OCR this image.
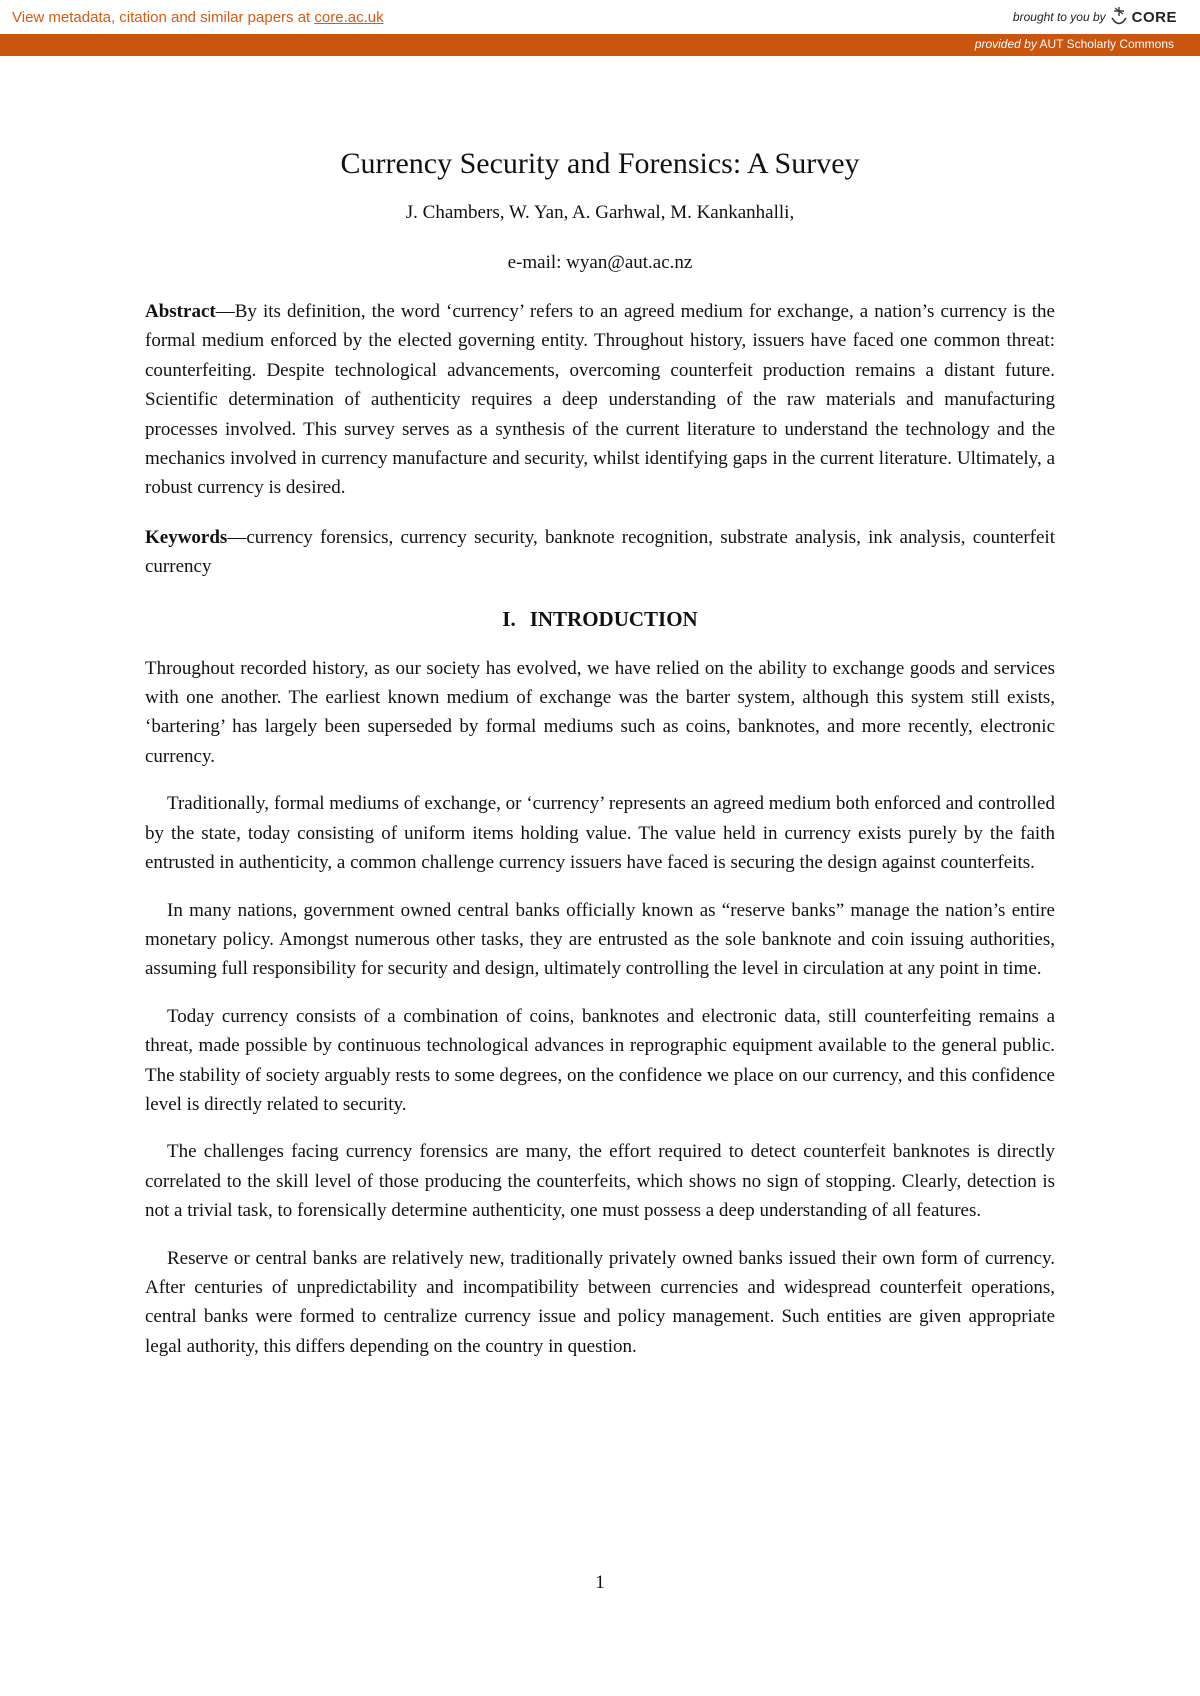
View metadata, citation and similar papers at core.ac.uk	brought to you by CORE
provided by AUT Scholarly Commons
Currency Security and Forensics: A Survey

J. Chambers, W. Yan, A. Garhwal, M. Kankanhalli,

e-mail: wyan@aut.ac.nz

Abstract—By its definition, the word ‘currency’ refers to an agreed medium for exchange, a nation’s currency is the formal medium enforced by the elected governing entity. Throughout history, issuers have faced one common threat: counterfeiting. Despite technological advancements, overcoming counterfeit production remains a distant future. Scientific determination of authenticity requires a deep understanding of the raw materials and manufacturing processes involved. This survey serves as a synthesis of the current literature to understand the technology and the mechanics involved in currency manufacture and security, whilst identifying gaps in the current literature. Ultimately, a robust currency is desired.

Keywords—currency forensics, currency security, banknote recognition, substrate analysis, ink analysis, counterfeit currency

I. INTRODUCTION

Throughout recorded history, as our society has evolved, we have relied on the ability to exchange goods and services with one another. The earliest known medium of exchange was the barter system, although this system still exists, ‘bartering’ has largely been superseded by formal mediums such as coins, banknotes, and more recently, electronic currency.

Traditionally, formal mediums of exchange, or ‘currency’ represents an agreed medium both enforced and controlled by the state, today consisting of uniform items holding value. The value held in currency exists purely by the faith entrusted in authenticity, a common challenge currency issuers have faced is securing the design against counterfeits.

In many nations, government owned central banks officially known as “reserve banks” manage the nation’s entire monetary policy. Amongst numerous other tasks, they are entrusted as the sole banknote and coin issuing authorities, assuming full responsibility for security and design, ultimately controlling the level in circulation at any point in time.

Today currency consists of a combination of coins, banknotes and electronic data, still counterfeiting remains a threat, made possible by continuous technological advances in reprographic equipment available to the general public. The stability of society arguably rests to some degrees, on the confidence we place on our currency, and this confidence level is directly related to security.

The challenges facing currency forensics are many, the effort required to detect counterfeit banknotes is directly correlated to the skill level of those producing the counterfeits, which shows no sign of stopping. Clearly, detection is not a trivial task, to forensically determine authenticity, one must possess a deep understanding of all features.

Reserve or central banks are relatively new, traditionally privately owned banks issued their own form of currency. After centuries of unpredictability and incompatibility between currencies and widespread counterfeit operations, central banks were formed to centralize currency issue and policy management. Such entities are given appropriate legal authority, this differs depending on the country in question.

1
